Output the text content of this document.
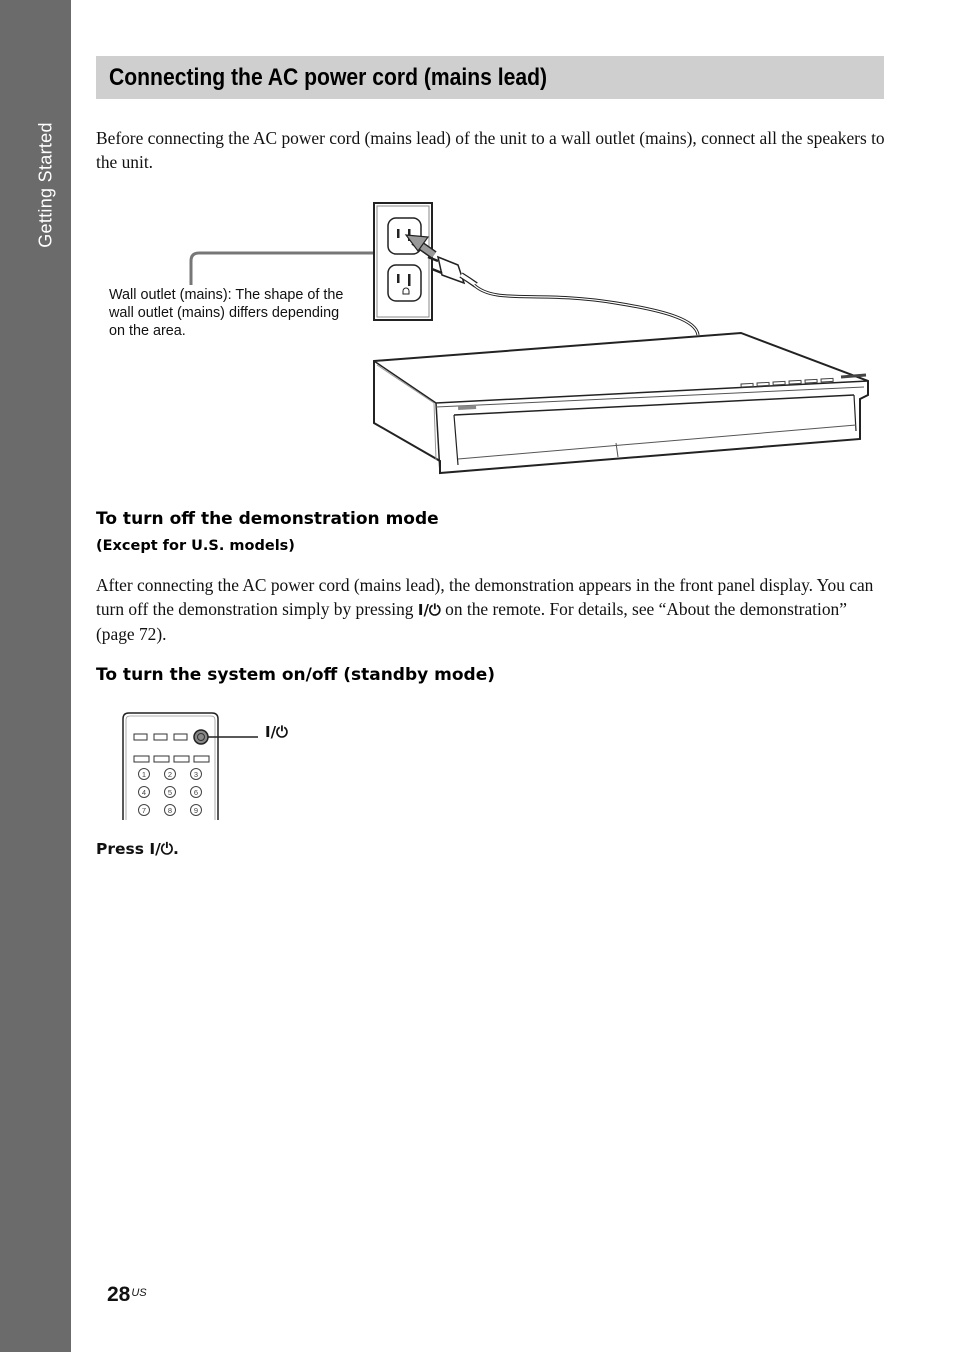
Getting Started
Connecting the AC power cord (mains lead)

Before connecting the AC power cord (mains lead) of the unit to a wall outlet (mains), connect all the speakers to the unit.

Wall outlet (mains): The shape of the wall outlet (mains) differs depending on the area.

To turn off the demonstration mode
(Except for U.S. models)

After connecting the AC power cord (mains lead), the demonstration appears in the front panel display. You can turn off the demonstration simply by pressing I/⏻ on the remote. For details, see “About the demonstration” (page 72).

To turn the system on/off (standby mode)
1	2	3
4	5	6
7	8	9
I/⏻
Press I/⏻.
$28^{US}$
